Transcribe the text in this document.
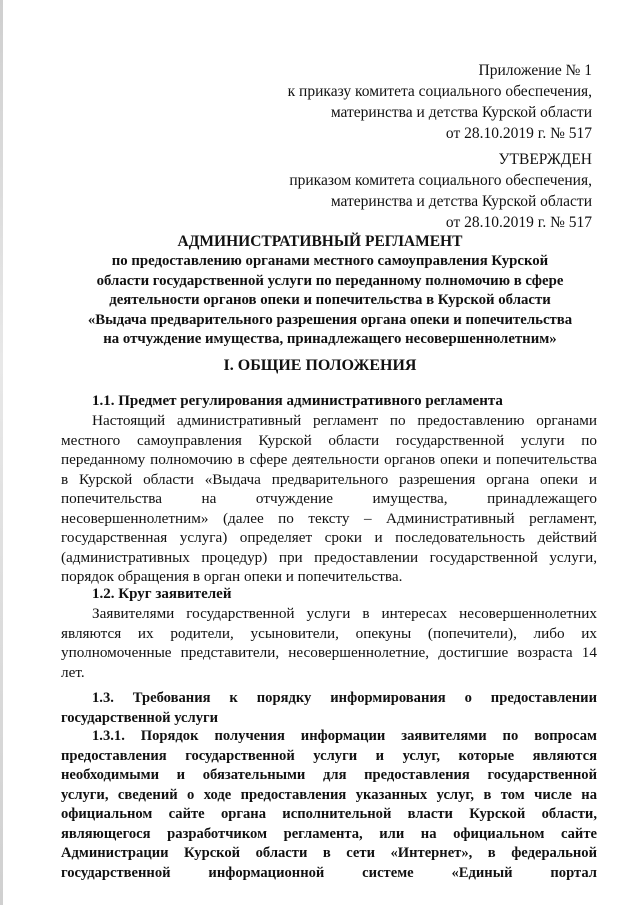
Приложение № 1
к приказу комитета социального обеспечения,
материнства и детства Курской области
от 28.10.2019 г. № 517
УТВЕРЖДЕН
приказом комитета социального обеспечения,
материнства и детства Курской области
от 28.10.2019 г. № 517
АДМИНИСТРАТИВНЫЙ РЕГЛАМЕНТ
по предоставлению органами местного самоуправления Курской
области государственной услуги по переданному полномочию в сфере
деятельности органов опеки и попечительства в Курской области
«Выдача предварительного разрешения органа опеки и попечительства
на отчуждение имущества, принадлежащего несовершеннолетним»
I. ОБЩИЕ ПОЛОЖЕНИЯ
1.1. Предмет регулирования административного регламента
Настоящий административный регламент по предоставлению органами
местного самоуправления Курской области государственной услуги по
переданному полномочию в сфере деятельности органов опеки и попечительства
в Курской области «Выдача предварительного разрешения органа опеки и
попечительства на отчуждение имущества, принадлежащего
несовершеннолетним» (далее по тексту – Административный регламент,
государственная услуга) определяет сроки и последовательность действий
(административных процедур) при предоставлении государственной услуги,
порядок обращения в орган опеки и попечительства.
1.2. Круг заявителей
Заявителями государственной услуги в интересах несовершеннолетних
являются их родители, усыновители, опекуны (попечители), либо их
уполномоченные представители, несовершеннолетние, достигшие возраста 14
лет.
1.3. Требования к порядку информирования о предоставлении
государственной услуги
1.3.1. Порядок получения информации заявителями по вопросам
предоставления государственной услуги и услуг, которые являются
необходимыми и обязательными для предоставления государственной
услуги, сведений о ходе предоставления указанных услуг, в том числе на
официальном сайте органа исполнительной власти Курской области,
являющегося разработчиком регламента, или на официальном сайте
Администрации Курской области в сети «Интернет», в федеральной
государственной информационной системе «Единый портал
